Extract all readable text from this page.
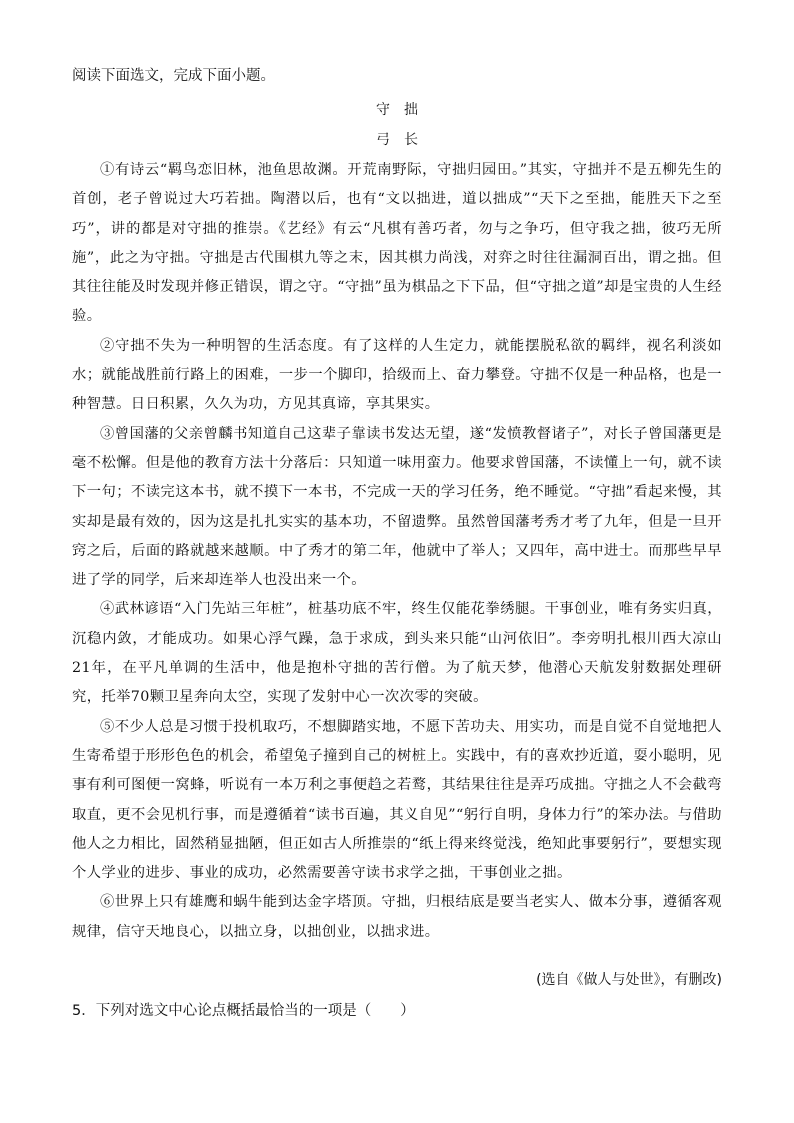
阅读下面选文，完成下面小题。
守拙
弓长

①有诗云“羁鸟恋旧林，池鱼思故渊。开荒南野际，守拙归园田。”其实，守拙并不是五柳先生的首创，老子曾说过大巧若拙。陶潜以后，也有“文以拙进，道以拙成”“天下之至拙，能胜天下之至巧”，讲的都是对守拙的推崇。《艺经》有云“凡棋有善巧者，勿与之争巧，但守我之拙，彼巧无所施”，此之为守拙。守拙是古代围棋九等之末，因其棋力尚浅，对弈之时往往漏洞百出，谓之拙。但其往往能及时发现并修正错误，谓之守。“守拙”虽为棋品之下下品，但“守拙之道”却是宝贵的人生经验。

②守拙不失为一种明智的生活态度。有了这样的人生定力，就能摆脱私欲的羁绊，视名利淡如水；就能战胜前行路上的困难，一步一个脚印，拾级而上、奋力攀登。守拙不仅是一种品格，也是一种智慧。日日积累，久久为功，方见其真谛，享其果实。

③曾国藩的父亲曾麟书知道自己这辈子靠读书发达无望，遂“发愤教督诸子”，对长子曾国藩更是毫不松懈。但是他的教育方法十分落后：只知道一味用蛮力。他要求曾国藩，不读懂上一句，就不读下一句；不读完这本书，就不摸下一本书，不完成一天的学习任务，绝不睡觉。“守拙”看起来慢，其实却是最有效的，因为这是扎扎实实的基本功，不留遗弊。虽然曾国藩考秀才考了九年，但是一旦开窍之后，后面的路就越来越顺。中了秀才的第二年，他就中了举人；又四年，高中进士。而那些早早进了学的同学，后来却连举人也没出来一个。

④武林谚语“入门先站三年桩”，桩基功底不牢，终生仅能花拳绣腿。干事创业，唯有务实归真，沉稳内敛，才能成功。如果心浮气躁，急于求成，到头来只能“山河依旧”。李旁明扎根川西大凉山21年，在平凡单调的生活中，他是抱朴守拙的苦行僧。为了航天梦，他潜心天航发射数据处理研究，托举70颗卫星奔向太空，实现了发射中心一次次零的突破。

⑤不少人总是习惯于投机取巧，不想脚踏实地，不愿下苦功夫、用实功，而是自觉不自觉地把人生寄希望于形形色色的机会，希望兔子撞到自己的树桩上。实践中，有的喜欢抄近道，耍小聪明，见事有利可图便一窝蜂，听说有一本万利之事便趋之若鹜，其结果往往是弄巧成拙。守拙之人不会截弯取直，更不会见机行事，而是遵循着“读书百遍，其义自见”“躬行自明，身体力行”的笨办法。与借助他人之力相比，固然稍显拙陋，但正如古人所推崇的“纸上得来终觉浅，绝知此事要躬行”，要想实现个人学业的进步、事业的成功，必然需要善守读书求学之拙，干事创业之拙。

⑥世界上只有雄鹰和蜗牛能到达金字塔顶。守拙，归根结底是要当老实人、做本分事，遵循客观规律，信守天地良心，以拙立身，以拙创业，以拙求进。

(选自《做人与处世》，有删改)
5．下列对选文中心论点概括最恰当的一项是（　　）
